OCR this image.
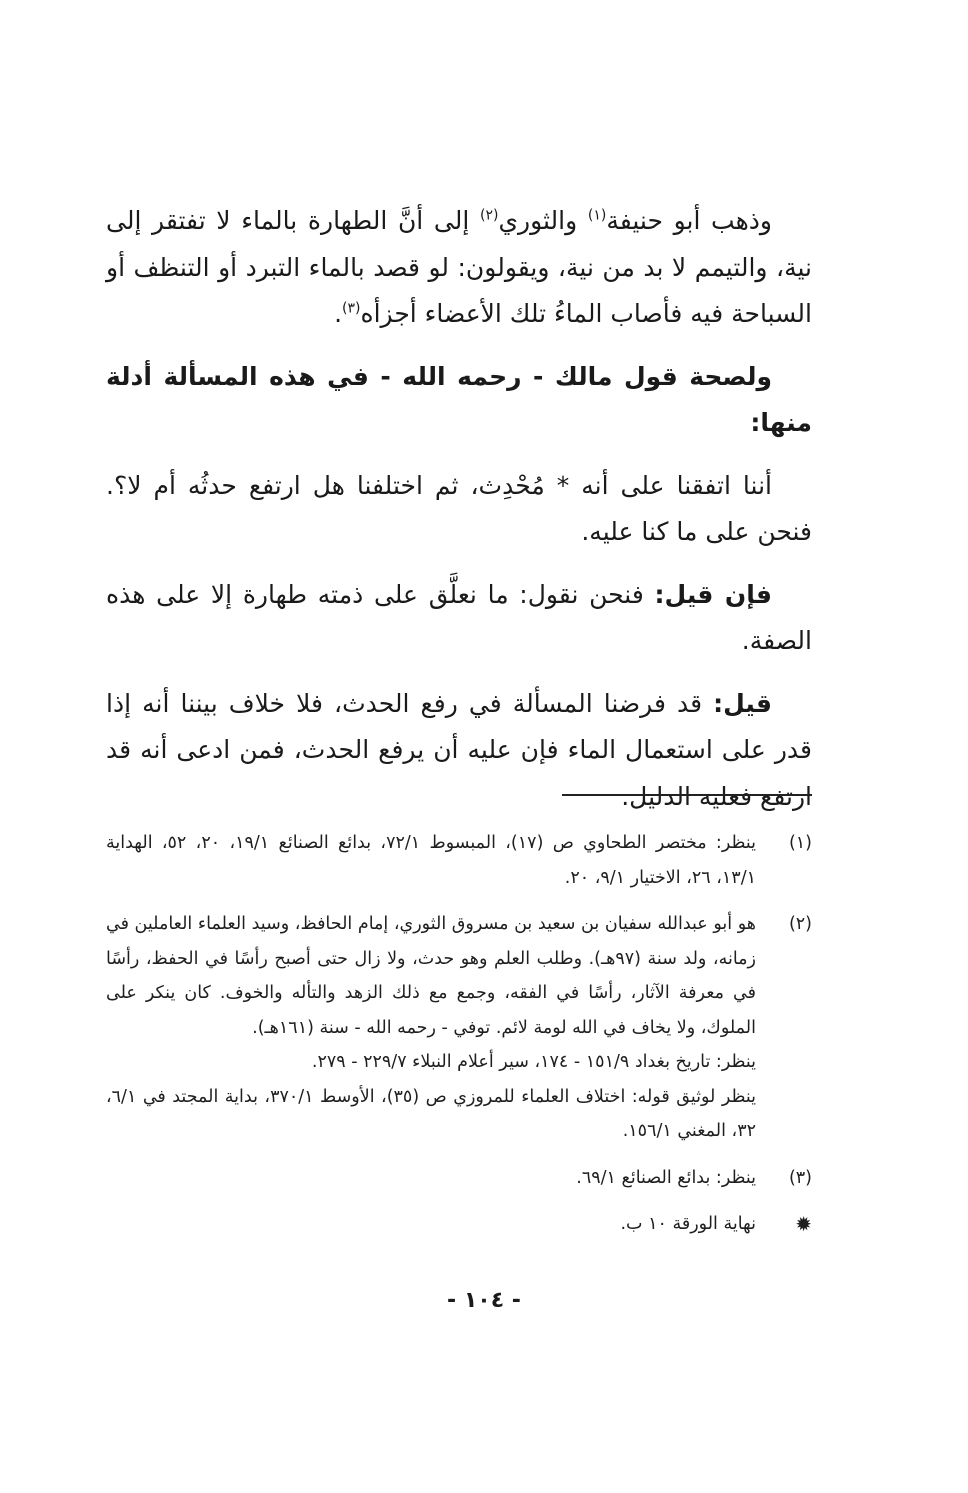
وذهب أبو حنيفة$^{(١)}$ والثوري$^{(٢)}$ إلى أنَّ الطهارة بالماء لا تفتقر إلى نية، والتيمم لا بد من نية، ويقولون: لو قصد بالماء التبرد أو التنظف أو السباحة فيه فأصاب الماءُ تلك الأعضاء أجزأه$^{(٣)}$.

ولصحة قول مالك - رحمه الله - في هذه المسألة أدلة منها:

أننا اتفقنا على أنه * مُحْدِث، ثم اختلفنا هل ارتفع حدثُه أم لا؟. فنحن على ما كنا عليه.

فإن قيل: فنحن نقول: ما نعلَّق على ذمته طهارة إلا على هذه الصفة.

قيل: قد فرضنا المسألة في رفع الحدث، فلا خلاف بيننا أنه إذا قدر على استعمال الماء فإن عليه أن يرفع الحدث، فمن ادعى أنه قد ارتفع فعليه الدليل.

(١)
ينظر: مختصر الطحاوي ص (١٧)، المبسوط ٧٢/١، بدائع الصنائع ١٩/١، ٢٠، ٥٢، الهداية ١٣/١، ٢٦، الاختيار ٩/١، ٢٠.
(٢)
هو أبو عبدالله سفيان بن سعيد بن مسروق الثوري، إمام الحافظ، وسيد العلماء العاملين في زمانه، ولد سنة (٩٧هـ). وطلب العلم وهو حدث، ولا زال حتى أصبح رأسًا في الحفظ، رأسًا في معرفة الآثار، رأسًا في الفقه، وجمع مع ذلك الزهد والتأله والخوف. كان ينكر على الملوك، ولا يخاف في الله لومة لائم. توفي - رحمه الله - سنة (١٦١هـ).
ينظر: تاريخ بغداد ١٥١/٩ - ١٧٤، سير أعلام النبلاء ٢٢٩/٧ - ٢٧٩.
ينظر لوثيق قوله: اختلاف العلماء للمروزي ص (٣٥)، الأوسط ٣٧٠/١، بداية المجتد في ٦/١، ٣٢، المغني ١٥٦/١.
(٣)
ينظر: بدائع الصنائع ٦٩/١.
✹
نهاية الورقة ١٠ ب.
- ١٠٤ -
